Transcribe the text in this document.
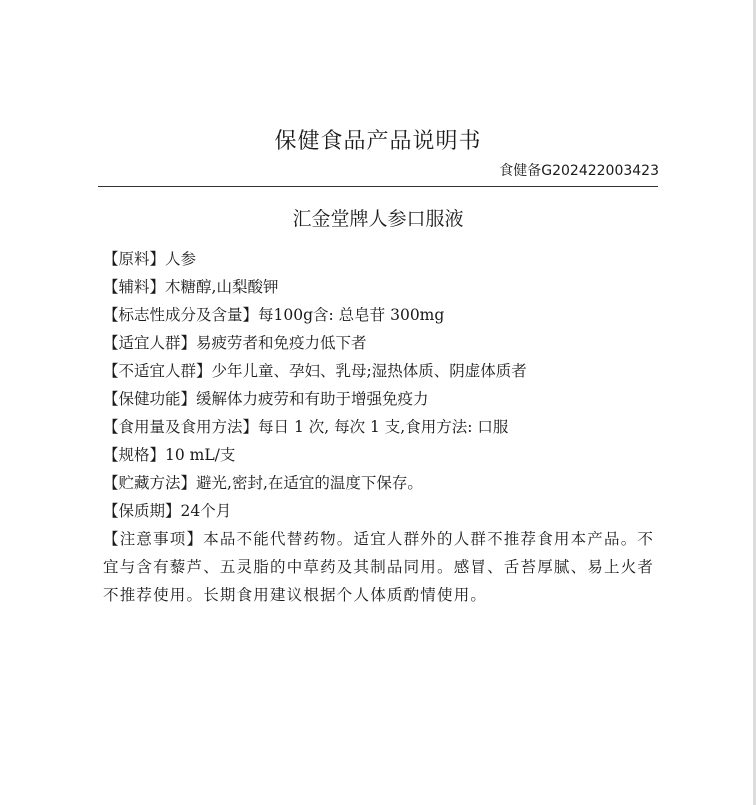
保健食品产品说明书
食健备G202422003423
汇金堂牌人参口服液

【原料】人参

【辅料】木糖醇,山梨酸钾

【标志性成分及含量】每100g含: 总皂苷 300mg

【适宜人群】易疲劳者和免疫力低下者

【不适宜人群】少年儿童、孕妇、乳母;湿热体质、阴虚体质者

【保健功能】缓解体力疲劳和有助于增强免疫力

【食用量及食用方法】每日 1 次, 每次 1 支,食用方法: 口服

【规格】10 mL/支

【贮藏方法】避光,密封,在适宜的温度下保存。

【保质期】24个月

【注意事项】本品不能代替药物。适宜人群外的人群不推荐食用本产品。不宜与含有藜芦、五灵脂的中草药及其制品同用。感冒、舌苔厚腻、易上火者不推荐使用。长期食用建议根据个人体质酌情使用。
